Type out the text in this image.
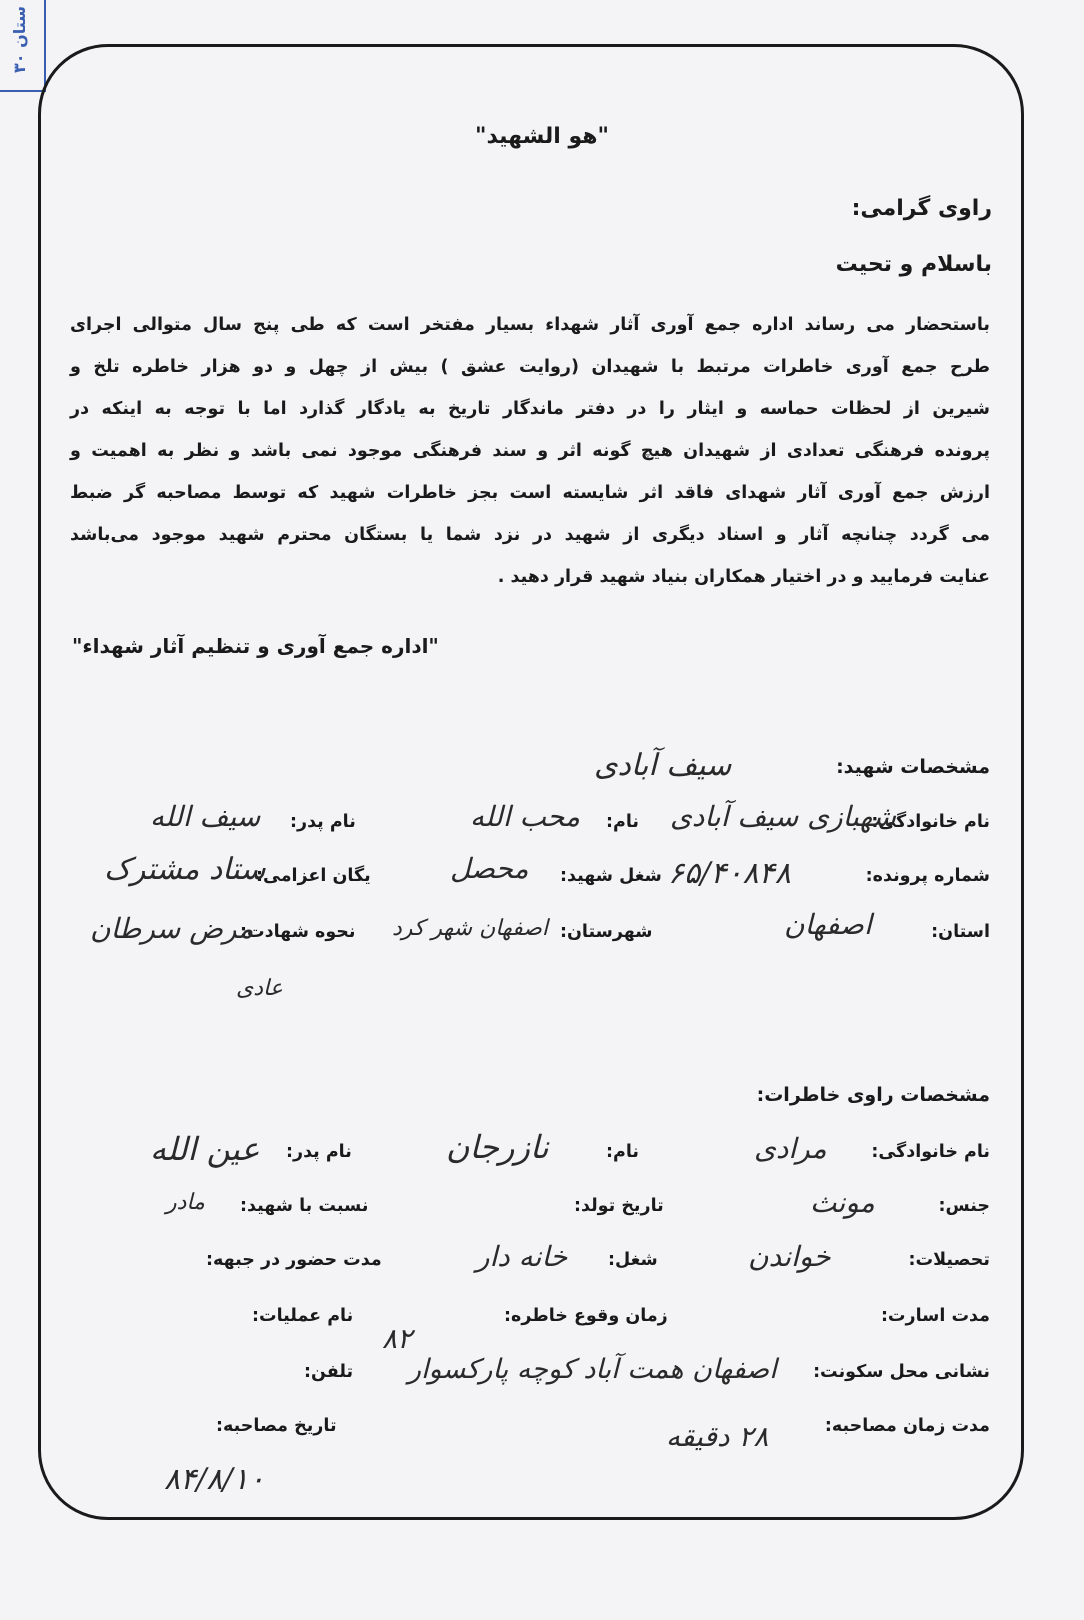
ستان ۳۰
"هو الشهید"
راوی گرامی:
باسلام و تحیت
باستحضار می رساند اداره جمع آوری آثار شهداء بسیار مفتخر است که طی پنج سال متوالی اجرای
طرح جمع آوری خاطرات مرتبط با شهیدان (روایت عشق ) بیش از چهل و دو هزار خاطره تلخ و
شیرین از لحظات حماسه و ایثار را در دفتر ماندگار تاریخ به یادگار گذارد اما با توجه به اینکه در
پرونده فرهنگی تعدادی از شهیدان هیچ گونه اثر و سند فرهنگی موجود نمی باشد و نظر به اهمیت و
ارزش جمع آوری آثار شهدای فاقد اثر شایسته است بجز خاطرات شهید که توسط مصاحبه گر ضبط
می گردد چنانچه آثار و اسناد دیگری از شهید در نزد شما یا بستگان محترم شهید موجود می‌باشد
عنایت فرمایید و در اختیار همکاران بنیاد شهید قرار دهید .
"اداره جمع آوری و تنظیم آثار شهداء"
مشخصات شهید:
نام خانوادگی:
نام:
نام پدر:
شماره پرونده:
شغل شهید:
یگان اعزامی:
استان:
شهرستان:
نحوه شهادت:
سیف آبادی
شهبازی سیف آبادی
محب الله
سیف الله
۶۵/۴۰۸۴۸
محصل
ستاد مشترک
اصفهان
اصفهان شهر کرد
مرض سرطان
عادی
مشخصات راوی خاطرات:
نام خانوادگی:
نام:
نام پدر:
جنس:
تاریخ تولد:
نسبت با شهید:
تحصیلات:
شغل:
مدت حضور در جبهه:
مدت اسارت:
زمان وقوع خاطره:
نام عملیات:
نشانی محل سکونت:
تلفن:
مدت زمان مصاحبه:
تاریخ مصاحبه:
مرادی
نازرجان
عین الله
مونث
مادر
خواندن
خانه دار
اصفهان همت آباد کوچه پارکسوار
۸۲
۲۸ دقیقه
۸۴/۸/۱۰
